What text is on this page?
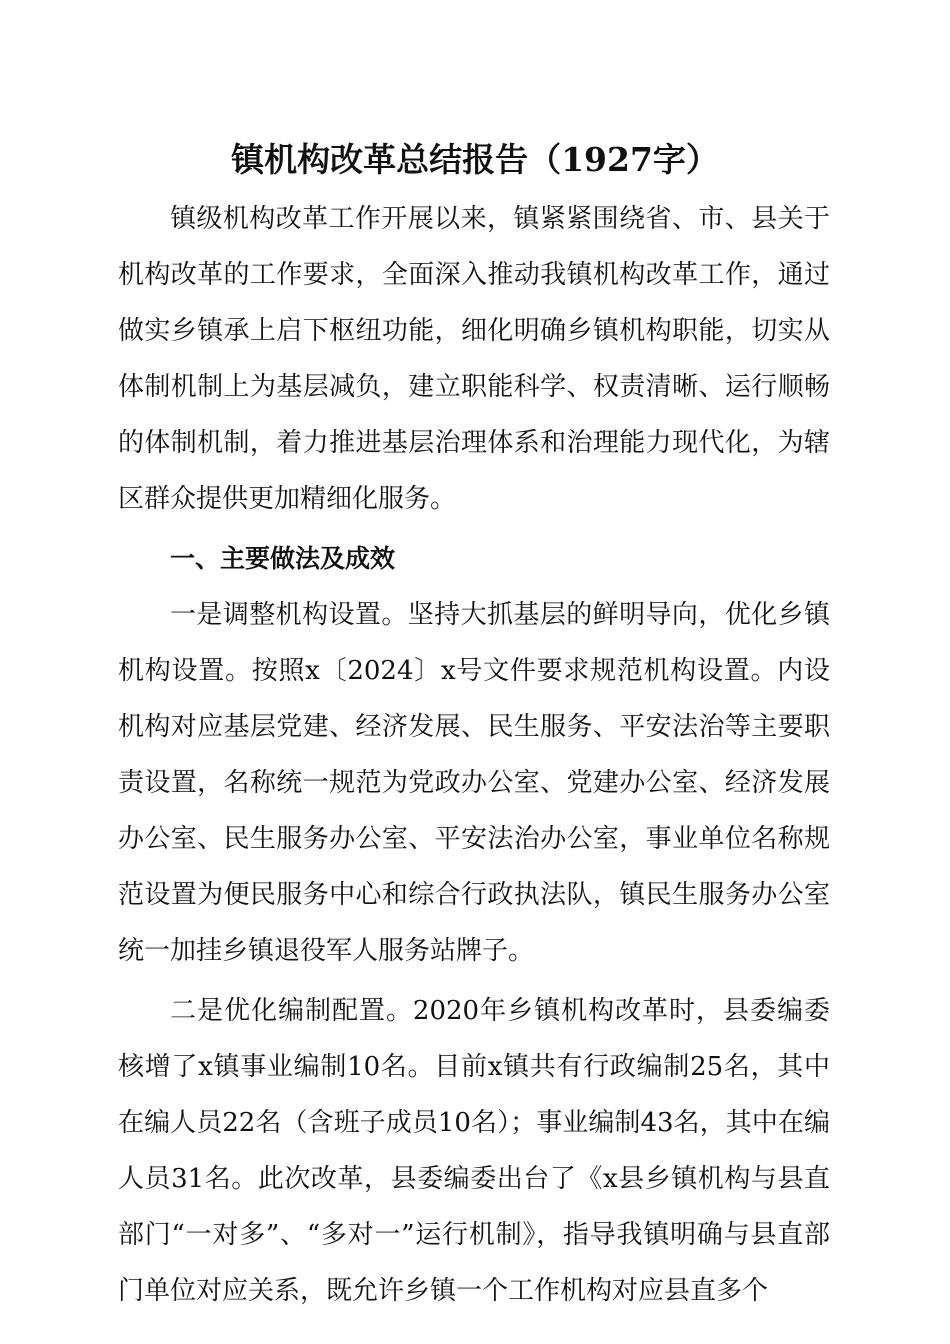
镇机构改革总结报告（1927字）

镇级机构改革工作开展以来，镇紧紧围绕省、市、县关于机构改革的工作要求，全面深入推动我镇机构改革工作，通过做实乡镇承上启下枢纽功能，细化明确乡镇机构职能，切实从体制机制上为基层减负，建立职能科学、权责清晰、运行顺畅的体制机制，着力推进基层治理体系和治理能力现代化，为辖区群众提供更加精细化服务。

一、主要做法及成效

一是调整机构设置。坚持大抓基层的鲜明导向，优化乡镇机构设置。按照x〔2024〕x号文件要求规范机构设置。内设机构对应基层党建、经济发展、民生服务、平安法治等主要职责设置，名称统一规范为党政办公室、党建办公室、经济发展办公室、民生服务办公室、平安法治办公室，事业单位名称规范设置为便民服务中心和综合行政执法队，镇民生服务办公室统一加挂乡镇退役军人服务站牌子。

二是优化编制配置。2020年乡镇机构改革时，县委编委核增了x镇事业编制10名。目前x镇共有行政编制25名，其中在编人员22名（含班子成员10名）；事业编制43名，其中在编人员31名。此次改革，县委编委出台了《x县乡镇机构与县直部门“一对多”、“多对一”运行机制》，指导我镇明确与县直部门单位对应关系，既允许乡镇一个工作机构对应县直多个
